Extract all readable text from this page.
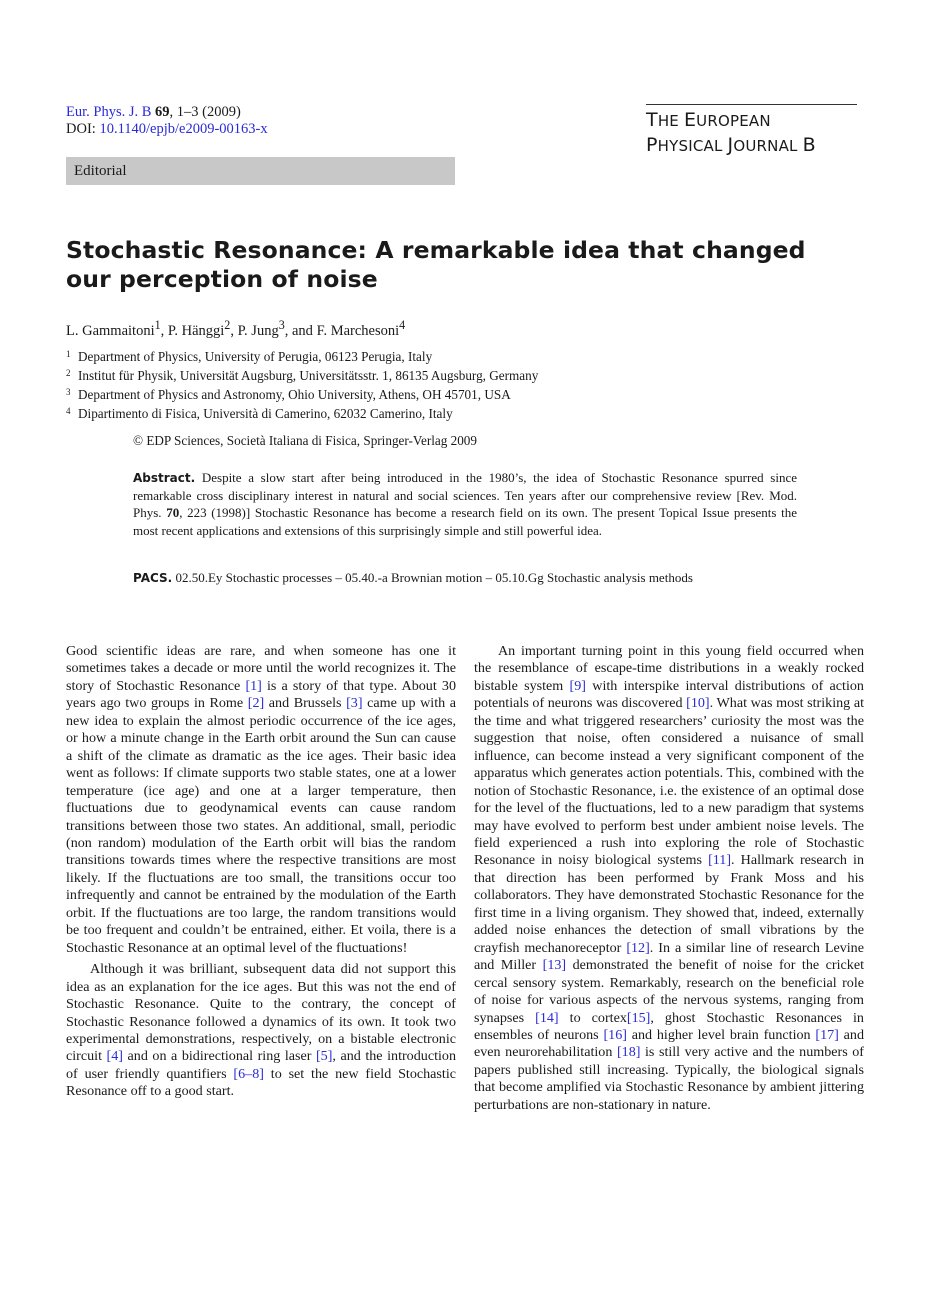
Eur. Phys. J. B 69, 1–3 (2009)
DOI: 10.1140/epjb/e2009-00163-x	THE EUROPEAN
PHYSICAL JOURNAL B
Editorial
Stochastic Resonance: A remarkable idea that changed our perception of noise
L. Gammaitoni$^1$, P. Hänggi$^2$, P. Jung$^3$, and F. Marchesoni$^4$
$^1$ Department of Physics, University of Perugia, 06123 Perugia, Italy
$^2$ Institut für Physik, Universität Augsburg, Universitätsstr. 1, 86135 Augsburg, Germany
$^3$ Department of Physics and Astronomy, Ohio University, Athens, OH 45701, USA
$^4$ Dipartimento di Fisica, Università di Camerino, 62032 Camerino, Italy
© EDP Sciences, Società Italiana di Fisica, Springer-Verlag 2009

Abstract. Despite a slow start after being introduced in the 1980’s, the idea of Stochastic Resonance spurred since remarkable cross disciplinary interest in natural and social sciences. Ten years after our comprehensive review [Rev. Mod. Phys. 70, 223 (1998)] Stochastic Resonance has become a research field on its own. The present Topical Issue presents the most recent applications and extensions of this surprisingly simple and still powerful idea.

PACS. 02.50.Ey Stochastic processes – 05.40.-a Brownian motion – 05.10.Gg Stochastic analysis methods

Good scientific ideas are rare, and when someone has one it sometimes takes a decade or more until the world recognizes it. The story of Stochastic Resonance [1] is a story of that type. About 30 years ago two groups in Rome [2] and Brussels [3] came up with a new idea to explain the almost periodic occurrence of the ice ages, or how a minute change in the Earth orbit around the Sun can cause a shift of the climate as dramatic as the ice ages. Their basic idea went as follows: If climate supports two stable states, one at a lower temperature (ice age) and one at a larger temperature, then fluctuations due to geodynamical events can cause random transitions between those two states. An additional, small, periodic (non random) modulation of the Earth orbit will bias the random transitions towards times where the respective transitions are most likely. If the fluctuations are too small, the transitions occur too infrequently and cannot be entrained by the modulation of the Earth orbit. If the fluctuations are too large, the random transitions would be too frequent and couldn’t be entrained, either. Et voila, there is a Stochastic Resonance at an optimal level of the fluctuations!

Although it was brilliant, subsequent data did not support this idea as an explanation for the ice ages. But this was not the end of Stochastic Resonance. Quite to the contrary, the concept of Stochastic Resonance followed a dynamics of its own. It took two experimental demonstrations, respectively, on a bistable electronic circuit [4] and on a bidirectional ring laser [5], and the introduction of user friendly quantifiers [6–8] to set the new field Stochastic Resonance off to a good start.

An important turning point in this young field occurred when the resemblance of escape-time distributions in a weakly rocked bistable system [9] with interspike interval distributions of action potentials of neurons was discovered [10]. What was most striking at the time and what triggered researchers’ curiosity the most was the suggestion that noise, often considered a nuisance of small influence, can become instead a very significant component of the apparatus which generates action potentials. This, combined with the notion of Stochastic Resonance, i.e. the existence of an optimal dose for the level of the fluctuations, led to a new paradigm that systems may have evolved to perform best under ambient noise levels. The field experienced a rush into exploring the role of Stochastic Resonance in noisy biological systems [11]. Hallmark research in that direction has been performed by Frank Moss and his collaborators. They have demonstrated Stochastic Resonance for the first time in a living organism. They showed that, indeed, externally added noise enhances the detection of small vibrations by the crayfish mechanoreceptor [12]. In a similar line of research Levine and Miller [13] demonstrated the benefit of noise for the cricket cercal sensory system. Remarkably, research on the beneficial role of noise for various aspects of the nervous systems, ranging from synapses [14] to cortex[15], ghost Stochastic Resonances in ensembles of neurons [16] and higher level brain function [17] and even neurorehabilitation [18] is still very active and the numbers of papers published still increasing. Typically, the biological signals that become amplified via Stochastic Resonance by ambient jittering perturbations are non-stationary in nature.
